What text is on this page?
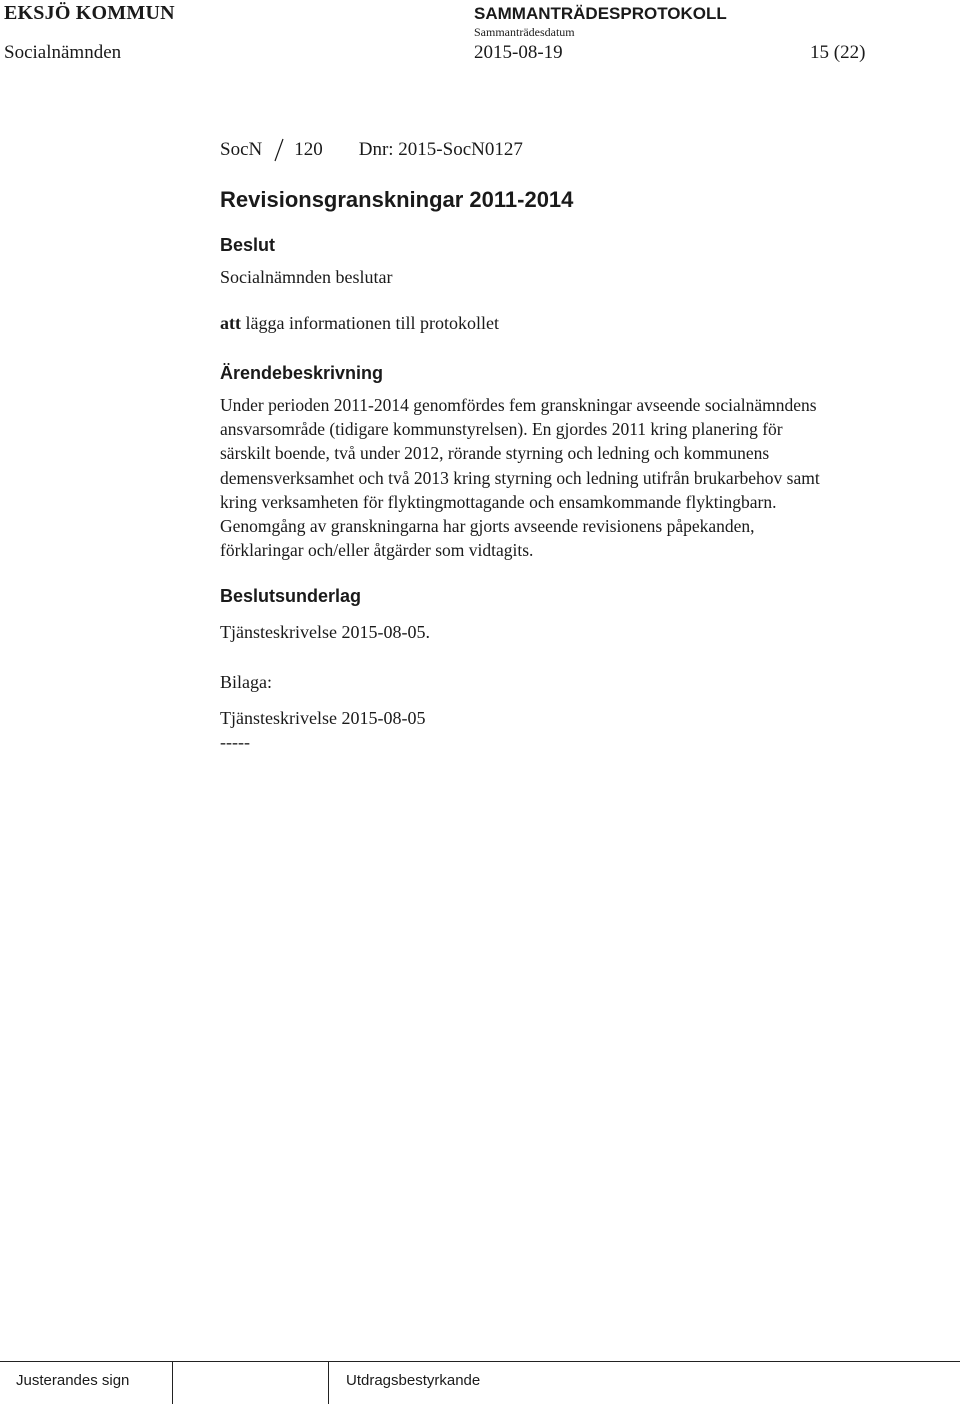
EKSJÖ KOMMUN	SAMMANTRÄDESPROTOKOLL
Sammanträdesdatum
Socialnämnden	2015-08-19	15 (22)
SocN 120 Dnr: 2015-SocN0127
Revisionsgranskningar 2011-2014
Beslut

Socialnämnden beslutar

att lägga informationen till protokollet

Ärendebeskrivning
Under perioden 2011-2014 genomfördes fem granskningar avseende socialnämndens
ansvarsområde (tidigare kommunstyrelsen). En gjordes 2011 kring planering för
särskilt boende, två under 2012, rörande styrning och ledning och kommunens
demensverksamhet och två 2013 kring styrning och ledning utifrån brukarbehov samt
kring verksamheten för flyktingmottagande och ensamkommande flyktingbarn.
Genomgång av granskningarna har gjorts avseende revisionens påpekanden,
förklaringar och/eller åtgärder som vidtagits.
Beslutsunderlag

Tjänsteskrivelse 2015-08-05.

Bilaga:

Tjänsteskrivelse 2015-08-05

-----

Justerandes sign	Utdragsbestyrkande
